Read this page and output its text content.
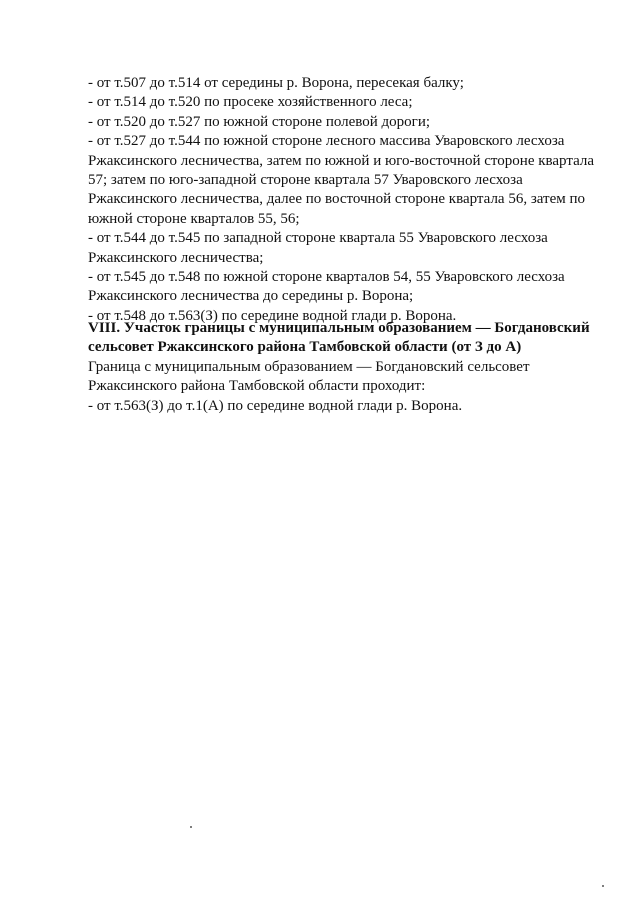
- от т.507 до т.514 от середины р. Ворона, пересекая балку;
- от т.514 до т.520 по просеке хозяйственного леса;
- от т.520 до т.527 по южной стороне полевой дороги;
- от т.527 до т.544 по южной стороне лесного массива Уваровского лесхоза
Ржаксинского лесничества, затем по южной и юго-восточной стороне квартала
57; затем по юго-западной стороне квартала 57 Уваровского лесхоза
Ржаксинского лесничества, далее по восточной стороне квартала 56, затем по
южной стороне кварталов 55, 56;
- от т.544 до т.545 по западной стороне квартала 55 Уваровского лесхоза
Ржаксинского лесничества;
- от т.545 до т.548 по южной стороне кварталов 54, 55 Уваровского лесхоза
Ржаксинского лесничества до середины р. Ворона;
- от т.548 до т.563(З) по середине водной глади р. Ворона.
VIII. Участок границы с муниципальным образованием — Богдановский
сельсовет Ржаксинского района Тамбовской области (от З до А)
Граница с муниципальным образованием — Богдановский сельсовет
Ржаксинского района Тамбовской области проходит:
- от т.563(З) до т.1(А) по середине водной глади р. Ворона.
